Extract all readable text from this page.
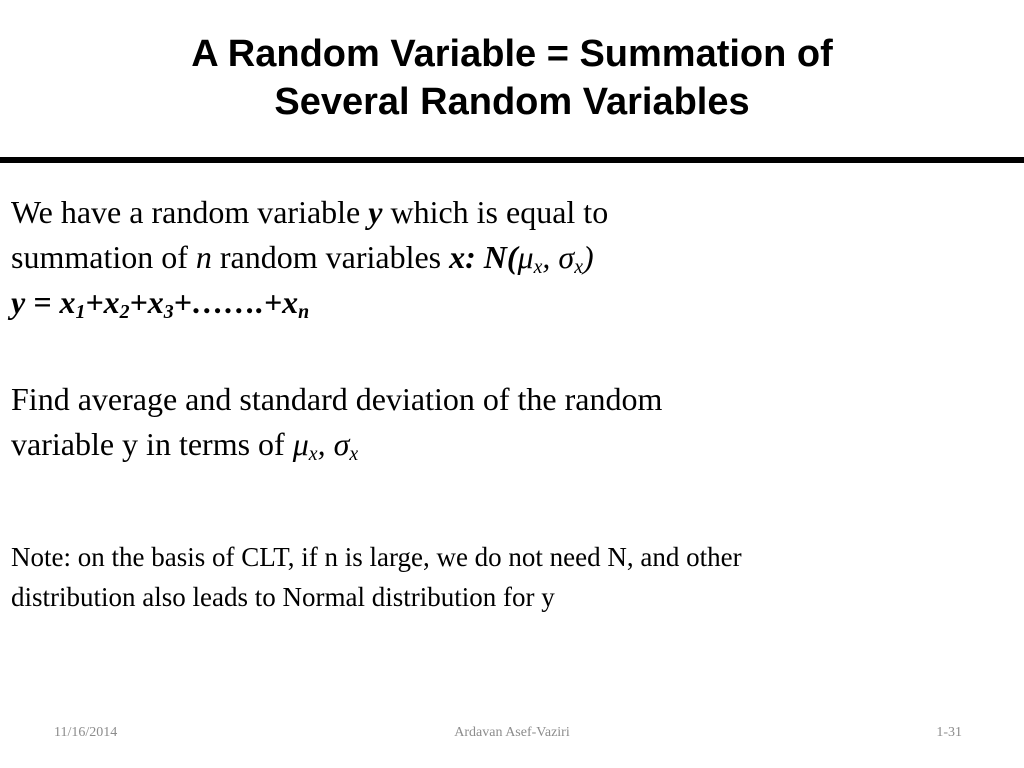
A Random Variable = Summation of
Several Random Variables
We have a random variable y which is equal to
summation of n random variables x: $N(\mu_x$, $\sigma_x$)
$y = x_1+x_2+x_3+\dots\dots.+x_n$
Find average and standard deviation of the random
variable y in terms of $\mu_x$, $\sigma_x$
Note: on the basis of CLT, if n is large, we do not need N, and other
distribution also leads to Normal distribution for y
Ardavan Asef-Vaziri
11/16/2014	1-31
